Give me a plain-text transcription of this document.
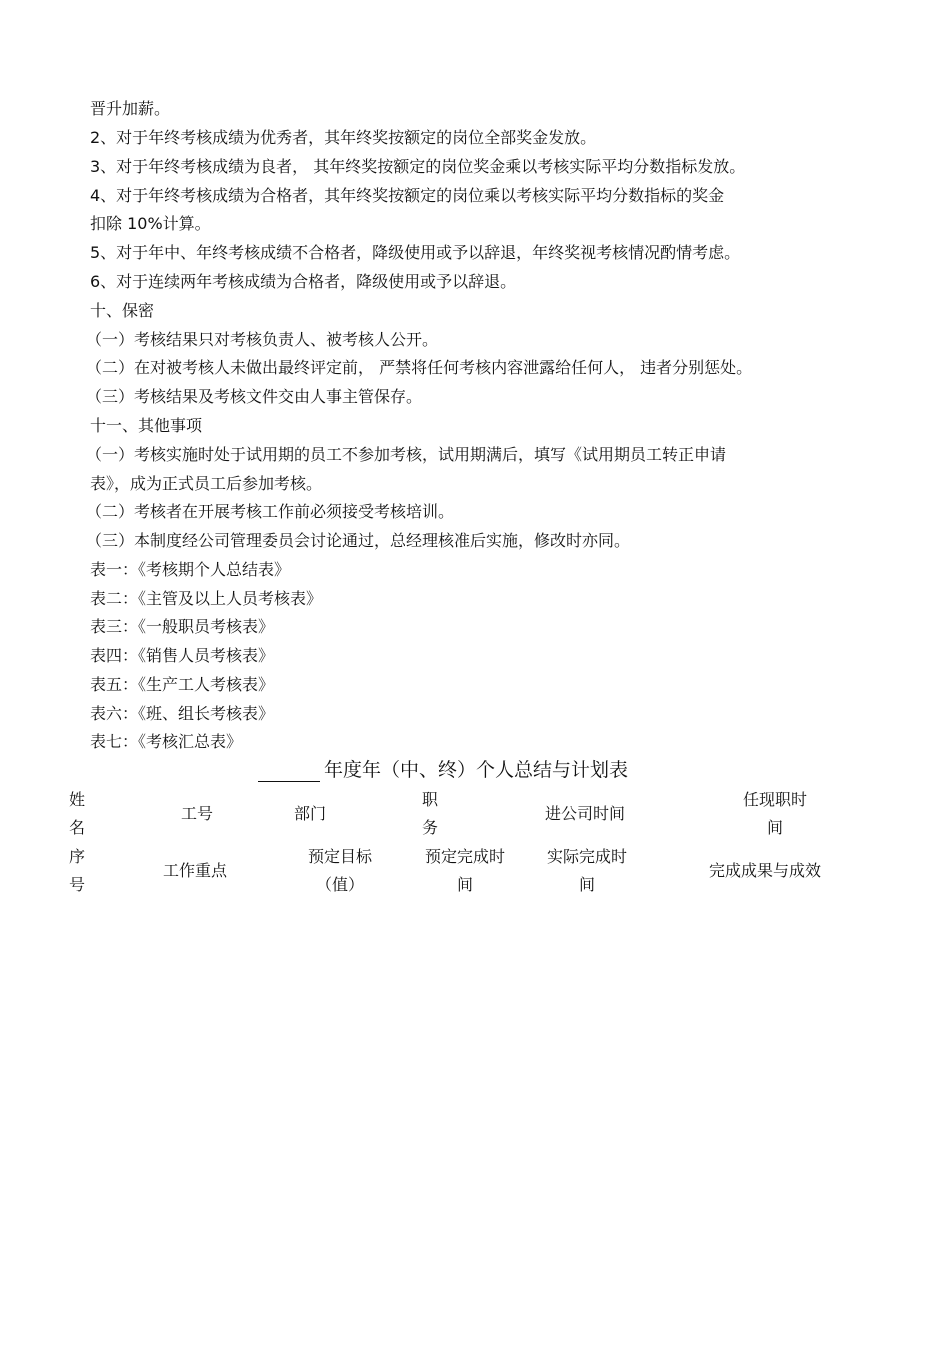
晋升加薪。
2、对于年终考核成绩为优秀者，其年终奖按额定的岗位全部奖金发放。
3、对于年终考核成绩为良者， 其年终奖按额定的岗位奖金乘以考核实际平均分数指标发放。
4、对于年终考核成绩为合格者，其年终奖按额定的岗位乘以考核实际平均分数指标的奖金
扣除 10%计算。
5、对于年中、年终考核成绩不合格者，降级使用或予以辞退，年终奖视考核情况酌情考虑。
6、对于连续两年考核成绩为合格者，降级使用或予以辞退。
十、保密
（一）考核结果只对考核负责人、被考核人公开。
（二）在对被考核人未做出最终评定前， 严禁将任何考核内容泄露给任何人， 违者分别惩处。
（三）考核结果及考核文件交由人事主管保存。
十一、其他事项
（一）考核实施时处于试用期的员工不参加考核，试用期满后，填写《试用期员工转正申请
表》，成为正式员工后参加考核。
（二）考核者在开展考核工作前必须接受考核培训。
（三）本制度经公司管理委员会讨论通过，总经理核准后实施，修改时亦同。
表一：《考核期个人总结表》
表二：《主管及以上人员考核表》
表三：《一般职员考核表》
表四：《销售人员考核表》
表五：《生产工人考核表》
表六：《班、组长考核表》
表七：《考核汇总表》
年度年（中、终）个人总结与计划表
姓
名
工号	部门
职
务
进公司时间
任现职时
间
序
号
工作重点
预定目标
（值）
预定完成时
间
实际完成时
间
完成成果与成效
